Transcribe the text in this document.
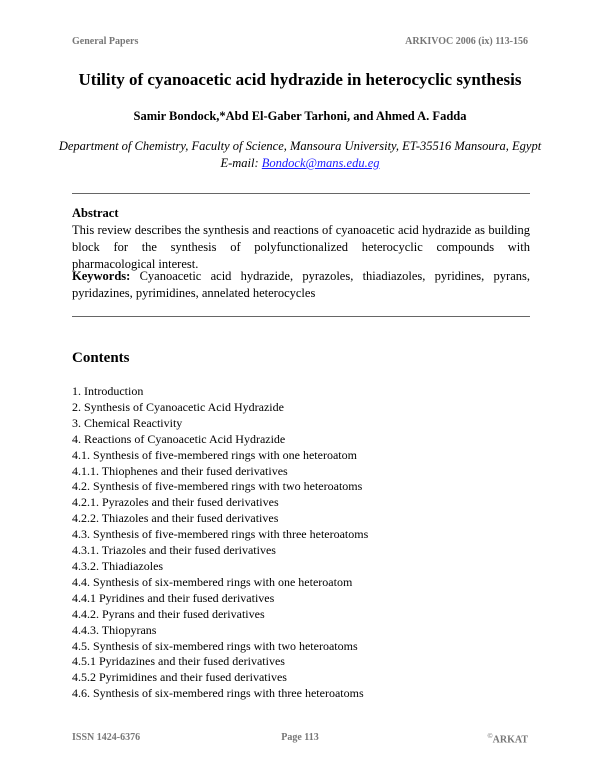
General Papers	ARKIVOC 2006 (ix) 113-156
Utility of cyanoacetic acid hydrazide in heterocyclic synthesis
Samir Bondock,*Abd El-Gaber Tarhoni, and Ahmed A. Fadda
Department of Chemistry, Faculty of Science, Mansoura University, ET-35516 Mansoura, Egypt
E-mail: Bondock@mans.edu.eg
Abstract
This review describes the synthesis and reactions of cyanoacetic acid hydrazide as building block for the synthesis of polyfunctionalized heterocyclic compounds with pharmacological interest.
Keywords: Cyanoacetic acid hydrazide, pyrazoles, thiadiazoles, pyridines, pyrans, pyridazines, pyrimidines, annelated heterocycles
Contents
1. Introduction
2. Synthesis of Cyanoacetic Acid Hydrazide
3. Chemical Reactivity
4. Reactions of Cyanoacetic Acid Hydrazide
4.1. Synthesis of five-membered rings with one heteroatom
4.1.1. Thiophenes and their fused derivatives
4.2. Synthesis of five-membered rings with two heteroatoms
4.2.1. Pyrazoles and their fused derivatives
4.2.2. Thiazoles and their fused derivatives
4.3. Synthesis of five-membered rings with three heteroatoms
4.3.1. Triazoles and their fused derivatives
4.3.2. Thiadiazoles
4.4. Synthesis of six-membered rings with one heteroatom
4.4.1 Pyridines and their fused derivatives
4.4.2. Pyrans and their fused derivatives
4.4.3. Thiopyrans
4.5. Synthesis of six-membered rings with two heteroatoms
4.5.1 Pyridazines and their fused derivatives
4.5.2 Pyrimidines and their fused derivatives
4.6. Synthesis of six-membered rings with three heteroatoms
ISSN 1424-6376	Page 113	©ARKAT
